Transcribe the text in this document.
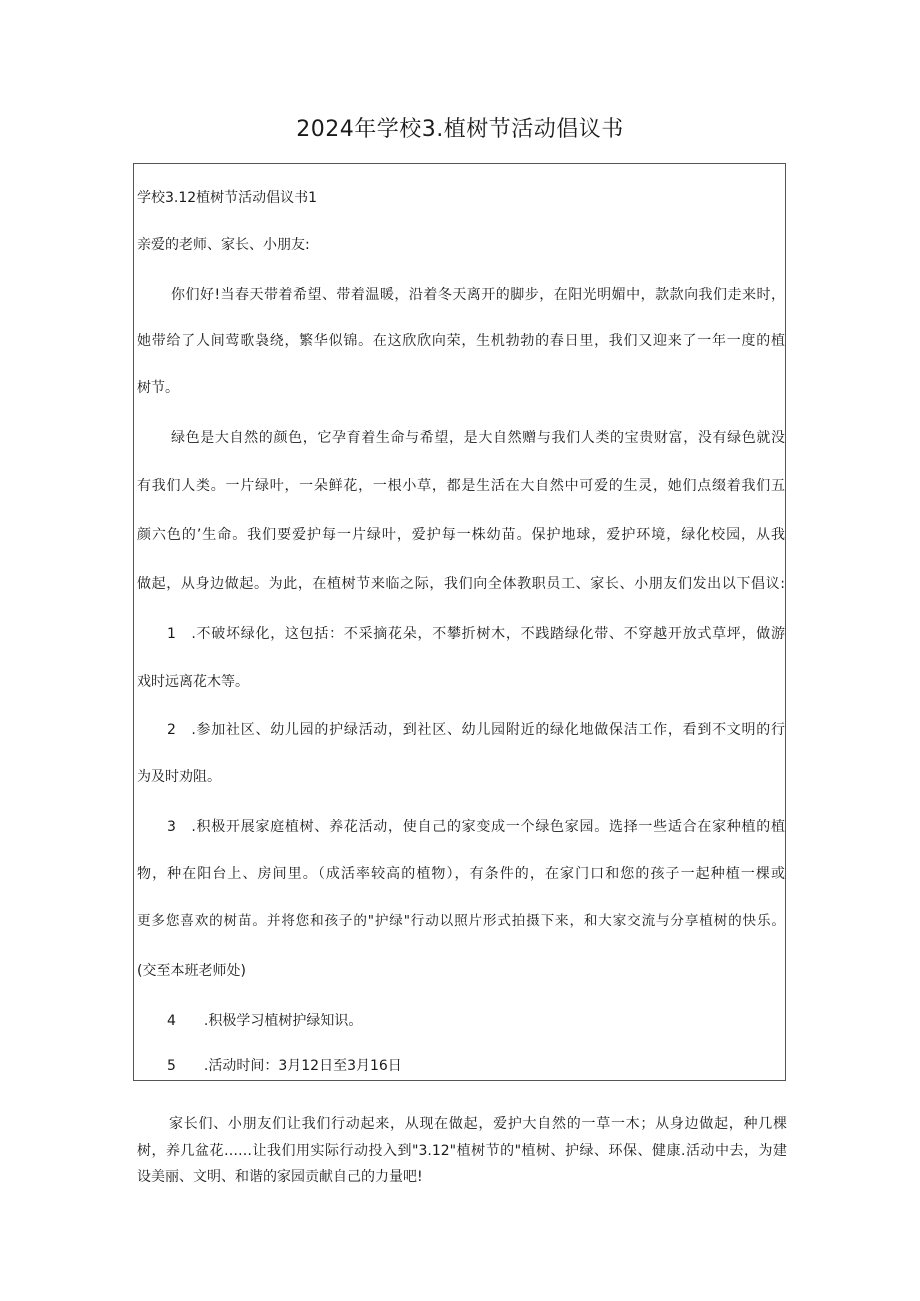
2024年学校3.植树节活动倡议书
学校3.12植树节活动倡议书1
亲爱的老师、家长、小朋友:
你们好!当春天带着希望、带着温暖，沿着冬天离开的脚步，在阳光明媚中，款款向我们走来时，
她带给了人间莺歌袅绕，繁华似锦。在这欣欣向荣，生机勃勃的春日里，我们又迎来了一年一度的植
树节。
绿色是大自然的颜色，它孕育着生命与希望，是大自然赠与我们人类的宝贵财富，没有绿色就没
有我们人类。一片绿叶，一朵鲜花，一根小草，都是生活在大自然中可爱的生灵，她们点缀着我们五
颜六色的’生命。我们要爱护每一片绿叶，爱护每一株幼苗。保护地球，爱护环境，绿化校园，从我
做起，从身边做起。为此，在植树节来临之际，我们向全体教职员工、家长、小朋友们发出以下倡议:
1　.不破坏绿化，这包括：不采摘花朵，不攀折树木，不践踏绿化带、不穿越开放式草坪，做游
戏时远离花木等。
2　.参加社区、幼儿园的护绿活动，到社区、幼儿园附近的绿化地做保洁工作，看到不文明的行
为及时劝阻。
3　.积极开展家庭植树、养花活动，使自己的家变成一个绿色家园。选择一些适合在家种植的植
物，种在阳台上、房间里。（成活率较高的植物），有条件的，在家门口和您的孩子一起种植一棵或
更多您喜欢的树苗。并将您和孩子的"护绿"行动以照片形式拍摄下来，和大家交流与分享植树的快乐。
(交至本班老师处)
4　　.积极学习植树护绿知识。
5　　.活动时间：3月12日至3月16日
家长们、小朋友们让我们行动起来，从现在做起，爱护大自然的一草一木；从身边做起，种几棵
树，养几盆花……让我们用实际行动投入到"3.12"植树节的"植树、护绿、环保、健康.活动中去，为建
设美丽、文明、和谐的家园贡献自己的力量吧!
